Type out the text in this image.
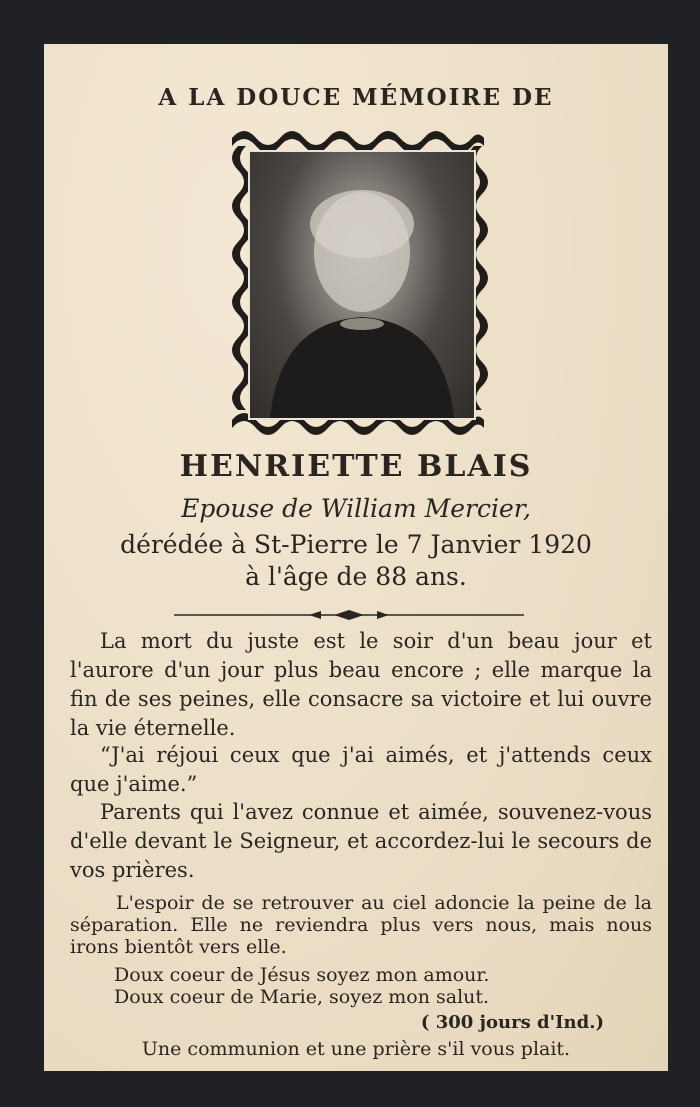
A LA DOUCE MÉMOIRE DE
HENRIETTE BLAIS
Epouse de William Mercier,
dérédée à St-Pierre le 7 Janvier 1920
à l'âge de 88 ans.

La mort du juste est le soir d'un beau jour et l'aurore d'un jour plus beau encore ; elle marque la fin de ses peines, elle consacre sa victoire et lui ouvre la vie éternelle.

“J'ai réjoui ceux que j'ai aimés, et j'attends ceux que j'aime.”

Parents qui l'avez connue et aimée, souvenez-vous d'elle devant le Seigneur, et accordez-lui le secours de vos prières.

L'espoir de se retrouver au ciel adoncie la peine de la séparation. Elle ne reviendra plus vers nous, mais nous irons bientôt vers elle.

Doux coeur de Jésus soyez mon amour.
Doux coeur de Marie, soyez mon salut.
( 300 jours d'Ind.)
Une communion et une prière s'il vous plait.
